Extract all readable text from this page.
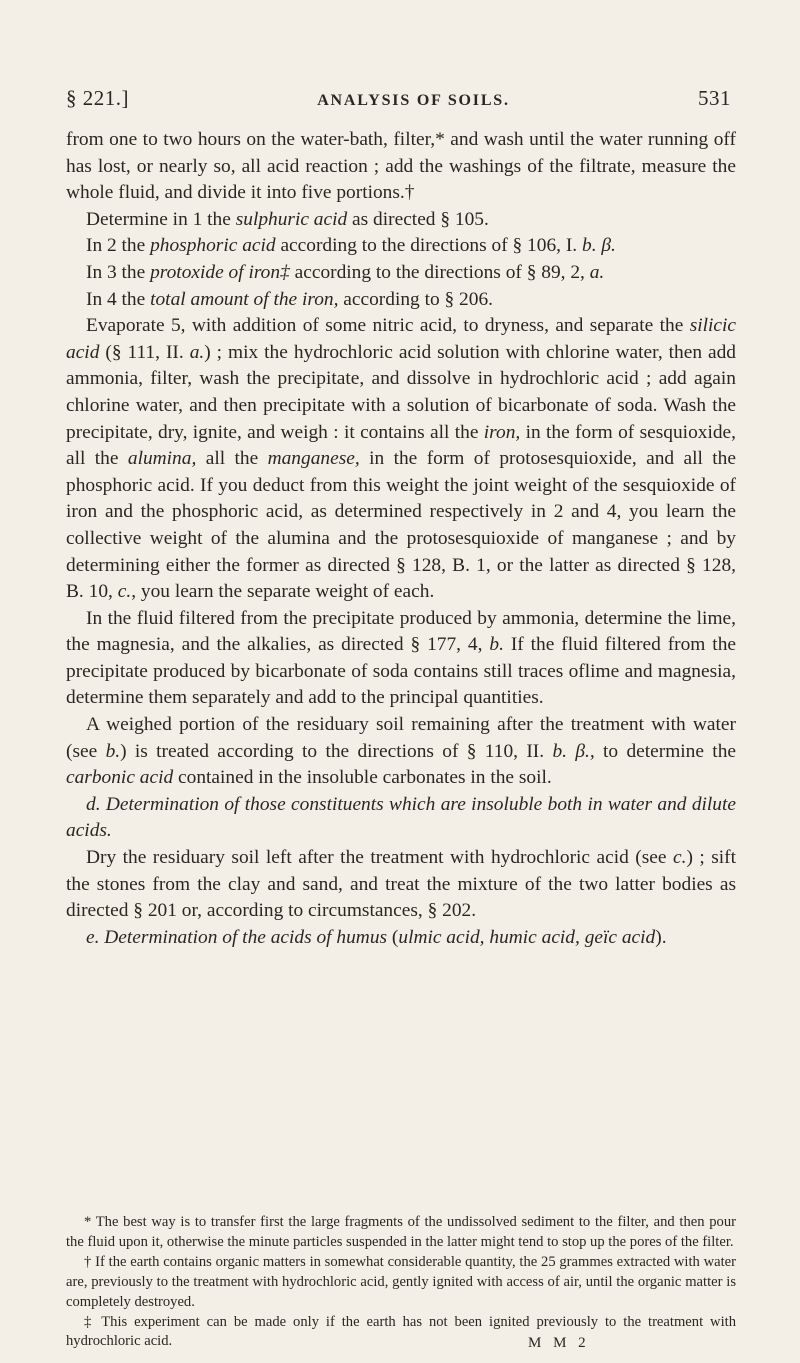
§ 221.]	ANALYSIS OF SOILS.	531

from one to two hours on the water-bath, filter,* and wash until the water running off has lost, or nearly so, all acid reaction ; add the washings of the filtrate, measure the whole fluid, and divide it into five portions.†

Determine in 1 the sulphuric acid as directed § 105.

In 2 the phosphoric acid according to the directions of § 106, I. b. β.

In 3 the protoxide of iron‡ according to the directions of § 89, 2, a.

In 4 the total amount of the iron, according to § 206.

Evaporate 5, with addition of some nitric acid, to dryness, and separate the silicic acid (§ 111, II. a.) ; mix the hydrochloric acid solution with chlorine water, then add ammonia, filter, wash the precipitate, and dissolve in hydrochloric acid ; add again chlorine water, and then precipitate with a solution of bicarbonate of soda. Wash the precipitate, dry, ignite, and weigh : it contains all the iron, in the form of sesquioxide, all the alumina, all the manganese, in the form of protosesquioxide, and all the phosphoric acid. If you deduct from this weight the joint weight of the sesquioxide of iron and the phosphoric acid, as determined respectively in 2 and 4, you learn the collective weight of the alumina and the protosesquioxide of manganese ; and by determining either the former as directed § 128, B. 1, or the latter as directed § 128, B. 10, c., you learn the separate weight of each.

In the fluid filtered from the precipitate produced by ammonia, determine the lime, the magnesia, and the alkalies, as directed § 177, 4, b. If the fluid filtered from the precipitate produced by bicarbonate of soda contains still traces oflime and magnesia, determine them separately and add to the principal quantities.

A weighed portion of the residuary soil remaining after the treatment with water (see b.) is treated according to the directions of § 110, II. b. β., to determine the carbonic acid contained in the insoluble carbonates in the soil.

d. Determination of those constituents which are insoluble both in water and dilute acids.

Dry the residuary soil left after the treatment with hydrochloric acid (see c.) ; sift the stones from the clay and sand, and treat the mixture of the two latter bodies as directed § 201 or, according to circumstances, § 202.

e. Determination of the acids of humus (ulmic acid, humic acid, geïc acid).

* The best way is to transfer first the large fragments of the undissolved sediment to the filter, and then pour the fluid upon it, otherwise the minute particles suspended in the latter might tend to stop up the pores of the filter.

† If the earth contains organic matters in somewhat considerable quantity, the 25 grammes extracted with water are, previously to the treatment with hydrochloric acid, gently ignited with access of air, until the organic matter is completely destroyed.

‡ This experiment can be made only if the earth has not been ignited previously to the treatment with hydrochloric acid.	M M 2
